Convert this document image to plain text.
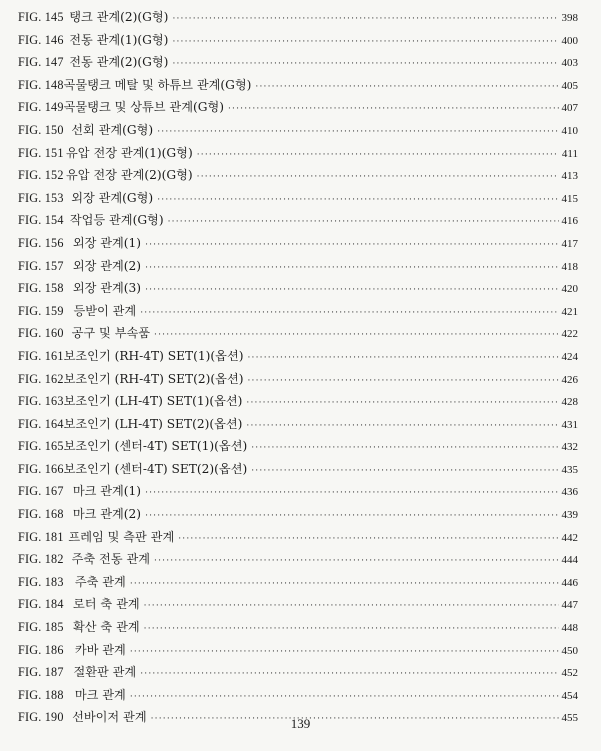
FIG. 145 탱크 관계(2)(G형) ·····	398
FIG. 146 전동 관계(1)(G형) ·····	400
FIG. 147 전동 관계(2)(G형) ·····	403
FIG. 148 곡물탱크 메탈 및 하튜브 관계(G형) ·····	405
FIG. 149 곡물탱크 및 상튜브 관계(G형) ·····	407
FIG. 150 선회 관계(G형) ·····	410
FIG. 151 유압 전장 관계(1)(G형) ·····	411
FIG. 152 유압 전장 관계(2)(G형) ·····	413
FIG. 153 외장 관계(G형) ·····	415
FIG. 154 작업등 관계(G형) ·····	416
FIG. 156 외장 관계(1) ·····	417
FIG. 157 외장 관계(2) ·····	418
FIG. 158 외장 관계(3) ·····	420
FIG. 159 등받이 관계 ·····	421
FIG. 160 공구 및 부속품 ·····	422
FIG. 161 보조인기 (RH-4T) SET(1)(옵션) ·····	424
FIG. 162 보조인기 (RH-4T) SET(2)(옵션) ·····	426
FIG. 163 보조인기 (LH-4T) SET(1)(옵션) ·····	428
FIG. 164 보조인기 (LH-4T) SET(2)(옵션) ·····	431
FIG. 165 보조인기 (센터-4T) SET(1)(옵션) ·····	432
FIG. 166 보조인기 (센터-4T) SET(2)(옵션) ·····	435
FIG. 167 마크 관계(1) ·····	436
FIG. 168 마크 관계(2) ·····	439
FIG. 181 프레임 및 측판 관계 ·····	442
FIG. 182 주축 전동 관계 ·····	444
FIG. 183 주축 관계 ·····	446
FIG. 184 로터 축 관계 ·····	447
FIG. 185 확산 축 관계 ·····	448
FIG. 186 카바 관계 ·····	450
FIG. 187 절환판 관계 ·····	452
FIG. 188 마크 관계 ·····	454
FIG. 190 선바이저 관계 ·····	455
139
